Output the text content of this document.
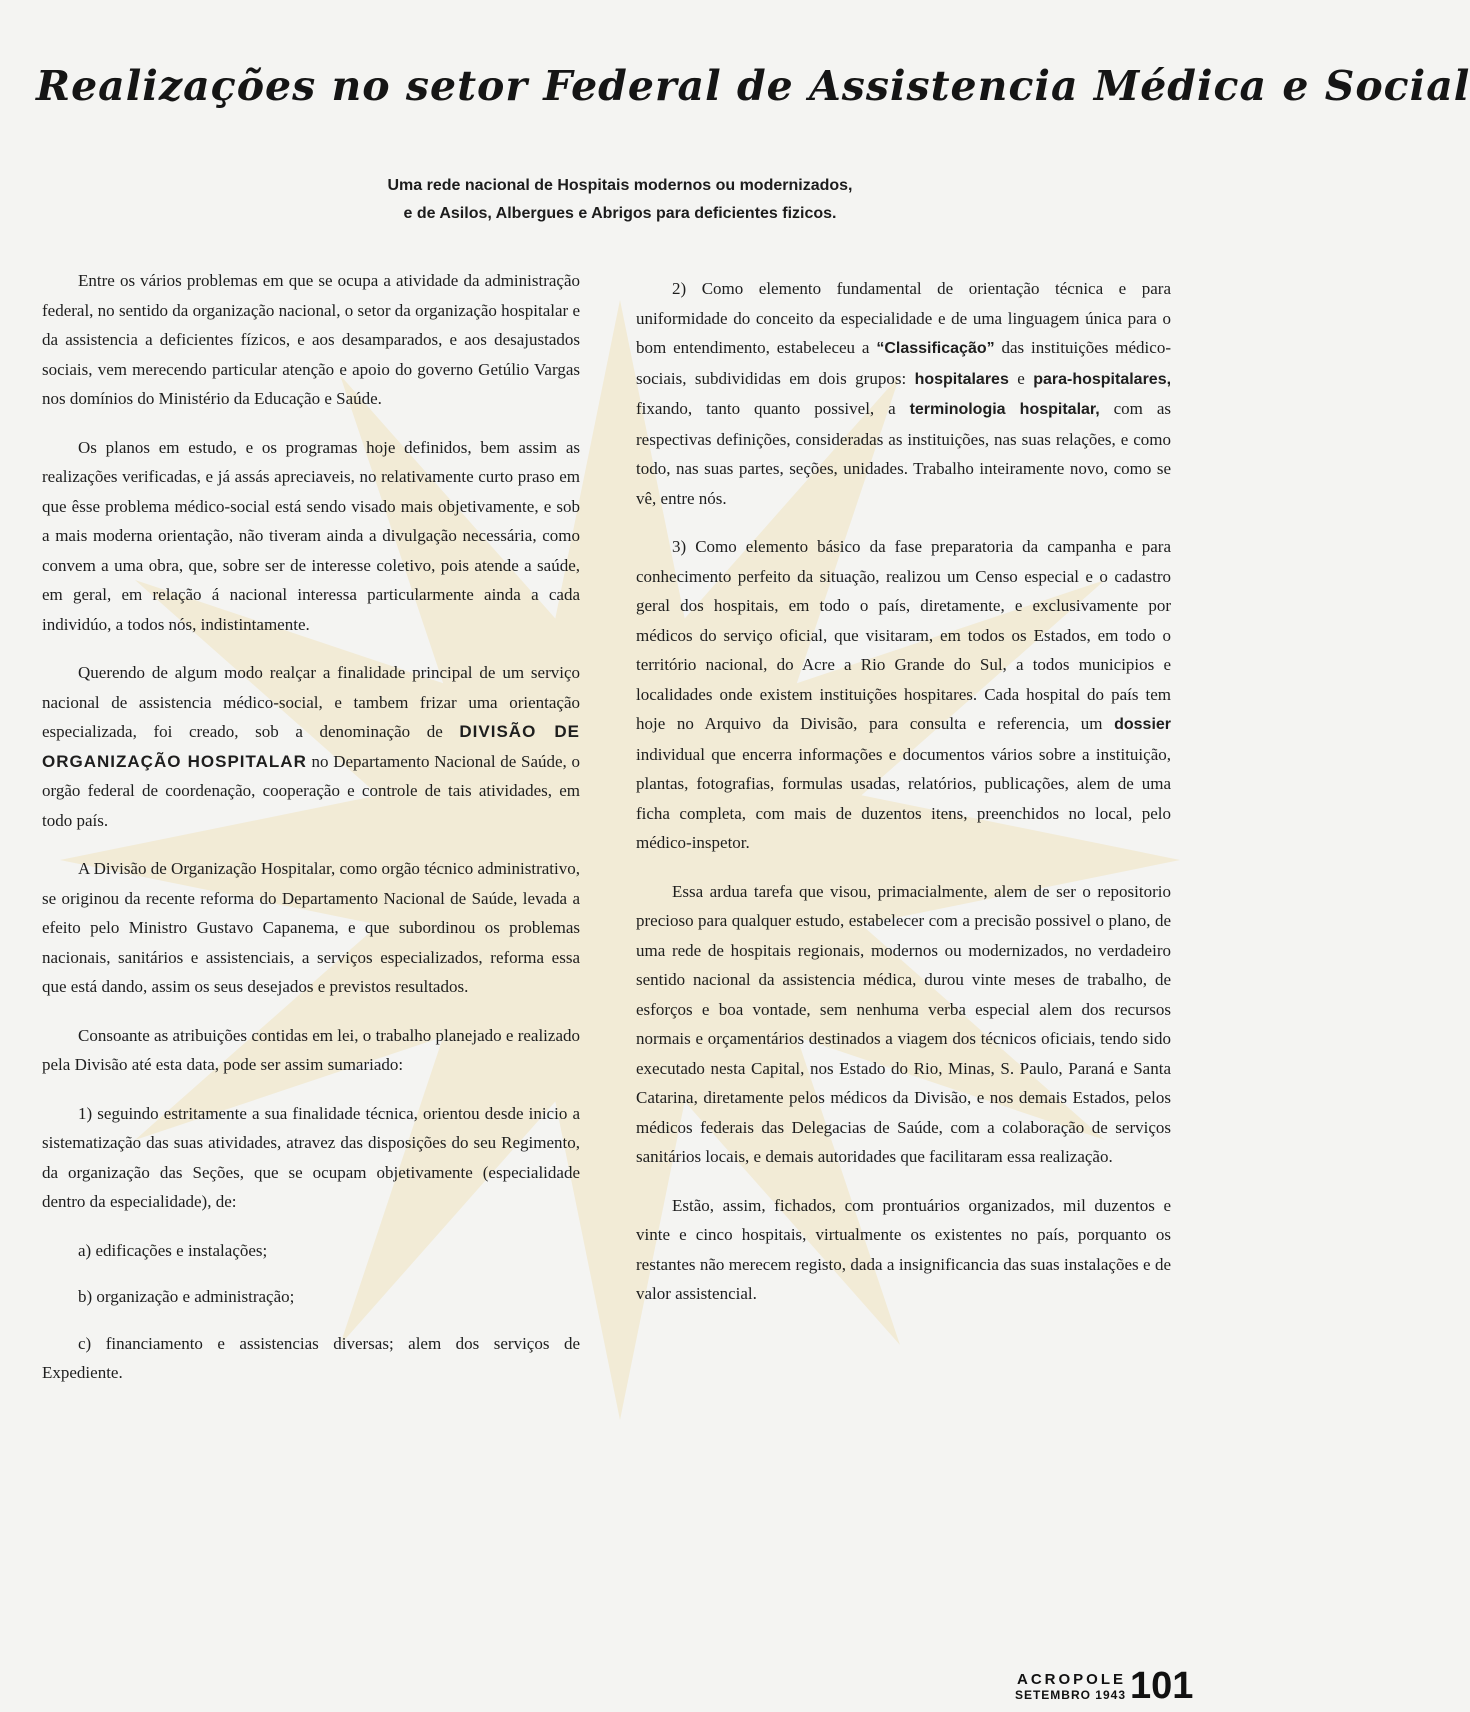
Realizações no setor Federal de Assistencia Médica e Social
Uma rede nacional de Hospitais modernos ou modernizados,
e de Asilos, Albergues e Abrigos para deficientes fizicos.

Entre os vários problemas em que se ocupa a atividade da administração federal, no sentido da organização nacional, o setor da organização hospitalar e da assistencia a deficientes fízicos, e aos desamparados, e aos desajustados sociais, vem merecendo particular atenção e apoio do governo Getúlio Vargas nos domínios do Ministério da Educação e Saúde.

Os planos em estudo, e os programas hoje definidos, bem assim as realizações verificadas, e já assás apreciaveis, no relativamente curto praso em que êsse problema médico-social está sendo visado mais objetivamente, e sob a mais moderna orientação, não tiveram ainda a divulgação necessária, como convem a uma obra, que, sobre ser de interesse coletivo, pois atende a saúde, em geral, em relação á nacional interessa particularmente ainda a cada individúo, a todos nós, indistintamente.

Querendo de algum modo realçar a finalidade principal de um serviço nacional de assistencia médico-social, e tambem frizar uma orientação especializada, foi creado, sob a denominação de DIVISÃO DE ORGANIZAÇÃO HOSPITALAR no Departamento Nacional de Saúde, o orgão federal de coordenação, cooperação e controle de tais atividades, em todo país.

A Divisão de Organização Hospitalar, como orgão técnico administrativo, se originou da recente reforma do Departamento Nacional de Saúde, levada a efeito pelo Ministro Gustavo Capanema, e que subordinou os problemas nacionais, sanitários e assistenciais, a serviços especializados, reforma essa que está dando, assim os seus desejados e previstos resultados.

Consoante as atribuições contidas em lei, o trabalho planejado e realizado pela Divisão até esta data, pode ser assim sumariado:

1) seguindo estritamente a sua finalidade técnica, orientou desde inicio a sistematização das suas atividades, atravez das disposições do seu Regimento, da organização das Seções, que se ocupam objetivamente (especialidade dentro da especialidade), de:

a) edificações e instalações;

b) organização e administração;

c) financiamento e assistencias diversas; alem dos serviços de Expediente.

2) Como elemento fundamental de orientação técnica e para uniformidade do conceito da especialidade e de uma linguagem única para o bom entendimento, estabeleceu a “Classificação” das instituições médico-sociais, subdivididas em dois grupos: hospitalares e para-hospitalares, fixando, tanto quanto possivel, a terminologia hospitalar, com as respectivas definições, consideradas as instituições, nas suas relações, e como todo, nas suas partes, seções, unidades. Trabalho inteiramente novo, como se vê, entre nós.

3) Como elemento básico da fase preparatoria da campanha e para conhecimento perfeito da situação, realizou um Censo especial e o cadastro geral dos hospitais, em todo o país, diretamente, e exclusivamente por médicos do serviço oficial, que visitaram, em todos os Estados, em todo o território nacional, do Acre a Rio Grande do Sul, a todos municipios e localidades onde existem instituições hospitares. Cada hospital do país tem hoje no Arquivo da Divisão, para consulta e referencia, um dossier individual que encerra informações e documentos vários sobre a instituição, plantas, fotografias, formulas usadas, relatórios, publicações, alem de uma ficha completa, com mais de duzentos itens, preenchidos no local, pelo médico-inspetor.

Essa ardua tarefa que visou, primacialmente, alem de ser o repositorio precioso para qualquer estudo, estabelecer com a precisão possivel o plano, de uma rede de hospitais regionais, modernos ou modernizados, no verdadeiro sentido nacional da assistencia médica, durou vinte meses de trabalho, de esforços e boa vontade, sem nenhuma verba especial alem dos recursos normais e orçamentários destinados a viagem dos técnicos oficiais, tendo sido executado nesta Capital, nos Estado do Rio, Minas, S. Paulo, Paraná e Santa Catarina, diretamente pelos médicos da Divisão, e nos demais Estados, pelos médicos federais das Delegacias de Saúde, com a colaboração de serviços sanitários locais, e demais autoridades que facilitaram essa realização.

Estão, assim, fichados, com prontuários organizados, mil duzentos e vinte e cinco hospitais, virtualmente os existentes no país, porquanto os restantes não merecem registo, dada a insignificancia das suas instalações e de valor assistencial.

ACROPOLE
SETEMBRO 1943 101
